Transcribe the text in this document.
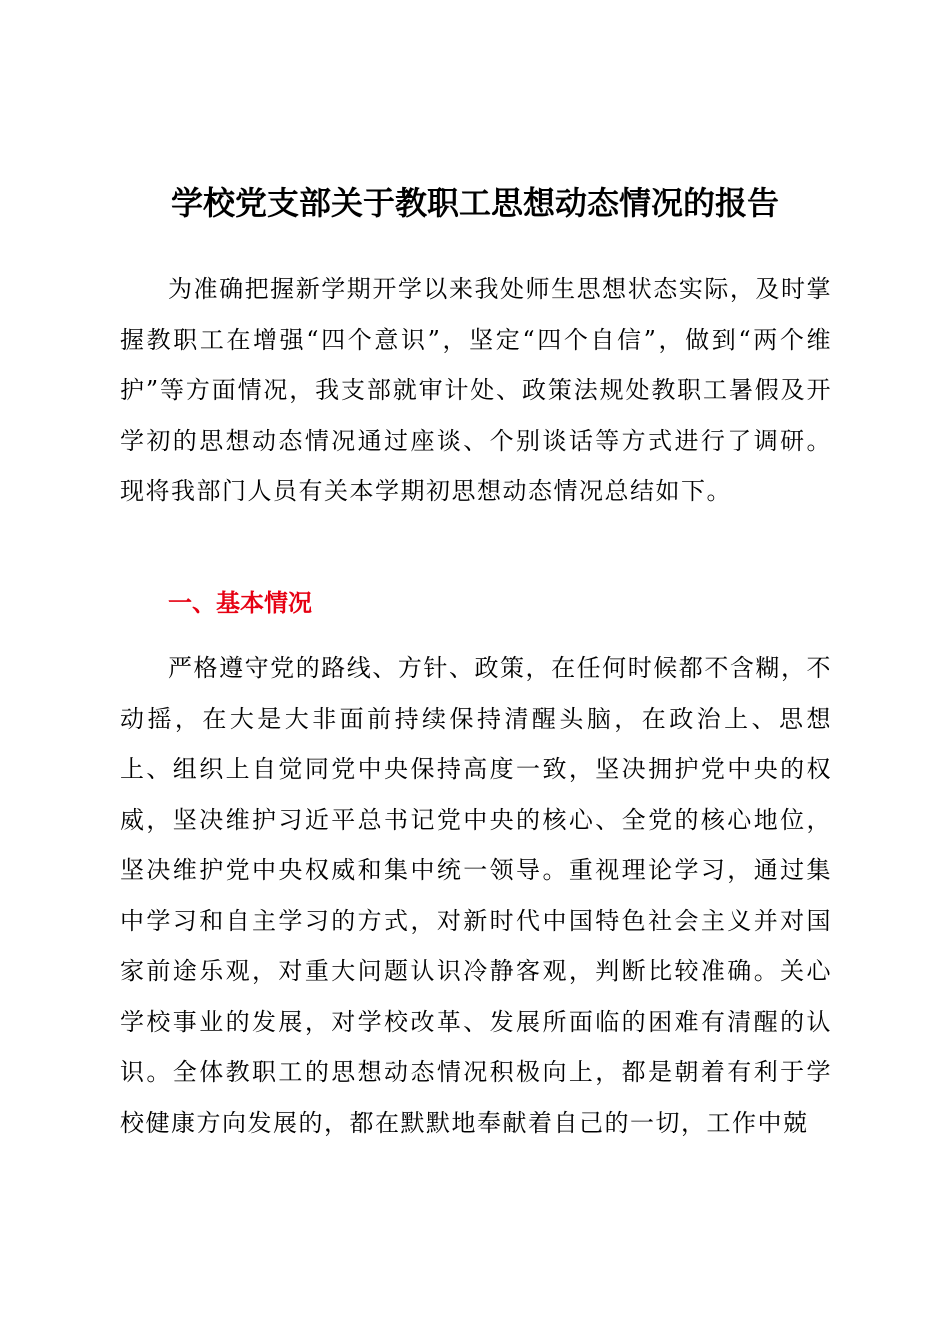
学校党支部关于教职工思想动态情况的报告

为准确把握新学期开学以来我处师生思想状态实际，及时掌握教职工在增强“四个意识”，坚定“四个自信”，做到“两个维护”等方面情况，我支部就审计处、政策法规处教职工暑假及开学初的思想动态情况通过座谈、个别谈话等方式进行了调研。现将我部门人员有关本学期初思想动态情况总结如下。

一、基本情况

严格遵守党的路线、方针、政策，在任何时候都不含糊，不动摇，在大是大非面前持续保持清醒头脑，在政治上、思想上、组织上自觉同党中央保持高度一致，坚决拥护党中央的权威，坚决维护习近平总书记党中央的核心、全党的核心地位，坚决维护党中央权威和集中统一领导。重视理论学习，通过集中学习和自主学习的方式，对新时代中国特色社会主义并对国家前途乐观，对重大问题认识冷静客观，判断比较准确。关心学校事业的发展，对学校改革、发展所面临的困难有清醒的认识。全体教职工的思想动态情况积极向上，都是朝着有利于学校健康方向发展的，都在默默地奉献着自己的一切，工作中兢
